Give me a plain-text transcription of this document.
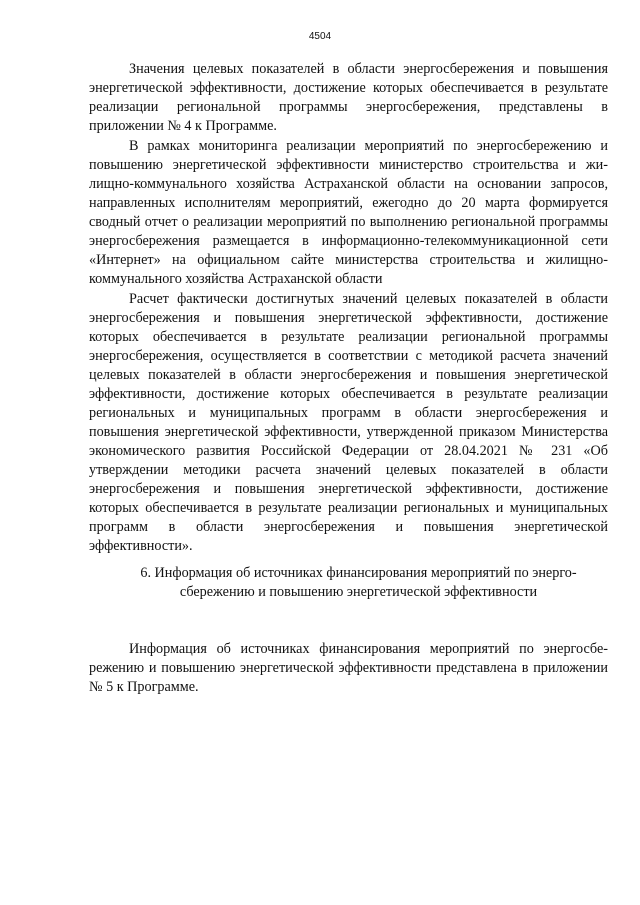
4504

Значения целевых показателей в области энергосбережения и повышения энергетической эффективности, достижение которых обеспечивается в результате реализации региональной программы энергосбережения, представлены в приложении № 4 к Программе.

В рамках мониторинга реализации мероприятий по энергосбережению и повышению энергетической эффективности министерство строительства и жилищно-коммунального хозяйства Астраханской области на основании запросов, направленных исполнителям мероприятий, ежегодно до 20 марта формируется сводный отчет о реализации мероприятий по выполнению региональной программы энергосбережения размещается в информационно-телекоммуникационной сети «Интернет» на официальном сайте министерства строительства и жилищно-коммунального хозяйства Астраханской области

Расчет фактически достигнутых значений целевых показателей в области энергосбережения и повышения энергетической эффективности, достижение которых обеспечивается в результате реализации региональной программы энергосбережения, осуществляется в соответствии с методикой расчета значений целевых показателей в области энергосбережения и повышения энергетической эффективности, достижение которых обеспечивается в результате реализации региональных и муниципальных программ в области энергосбережения и повышения энергетической эффективности, утвержденной приказом Министерства экономического развития Российской Федерации от 28.04.2021 № 231 «Об утверждении методики расчета значений целевых показателей в области энергосбережения и повышения энергетической эффективности, достижение которых обеспечивается в результате реализации региональных и муниципальных программ в области энергосбережения и повышения энергетической эффективности».

6. Информация об источниках финансирования мероприятий по энергосбережению и повышению энергетической эффективности

Информация об источниках финансирования мероприятий по энергосбережению и повышению энергетической эффективности представлена в приложении № 5 к Программе.
